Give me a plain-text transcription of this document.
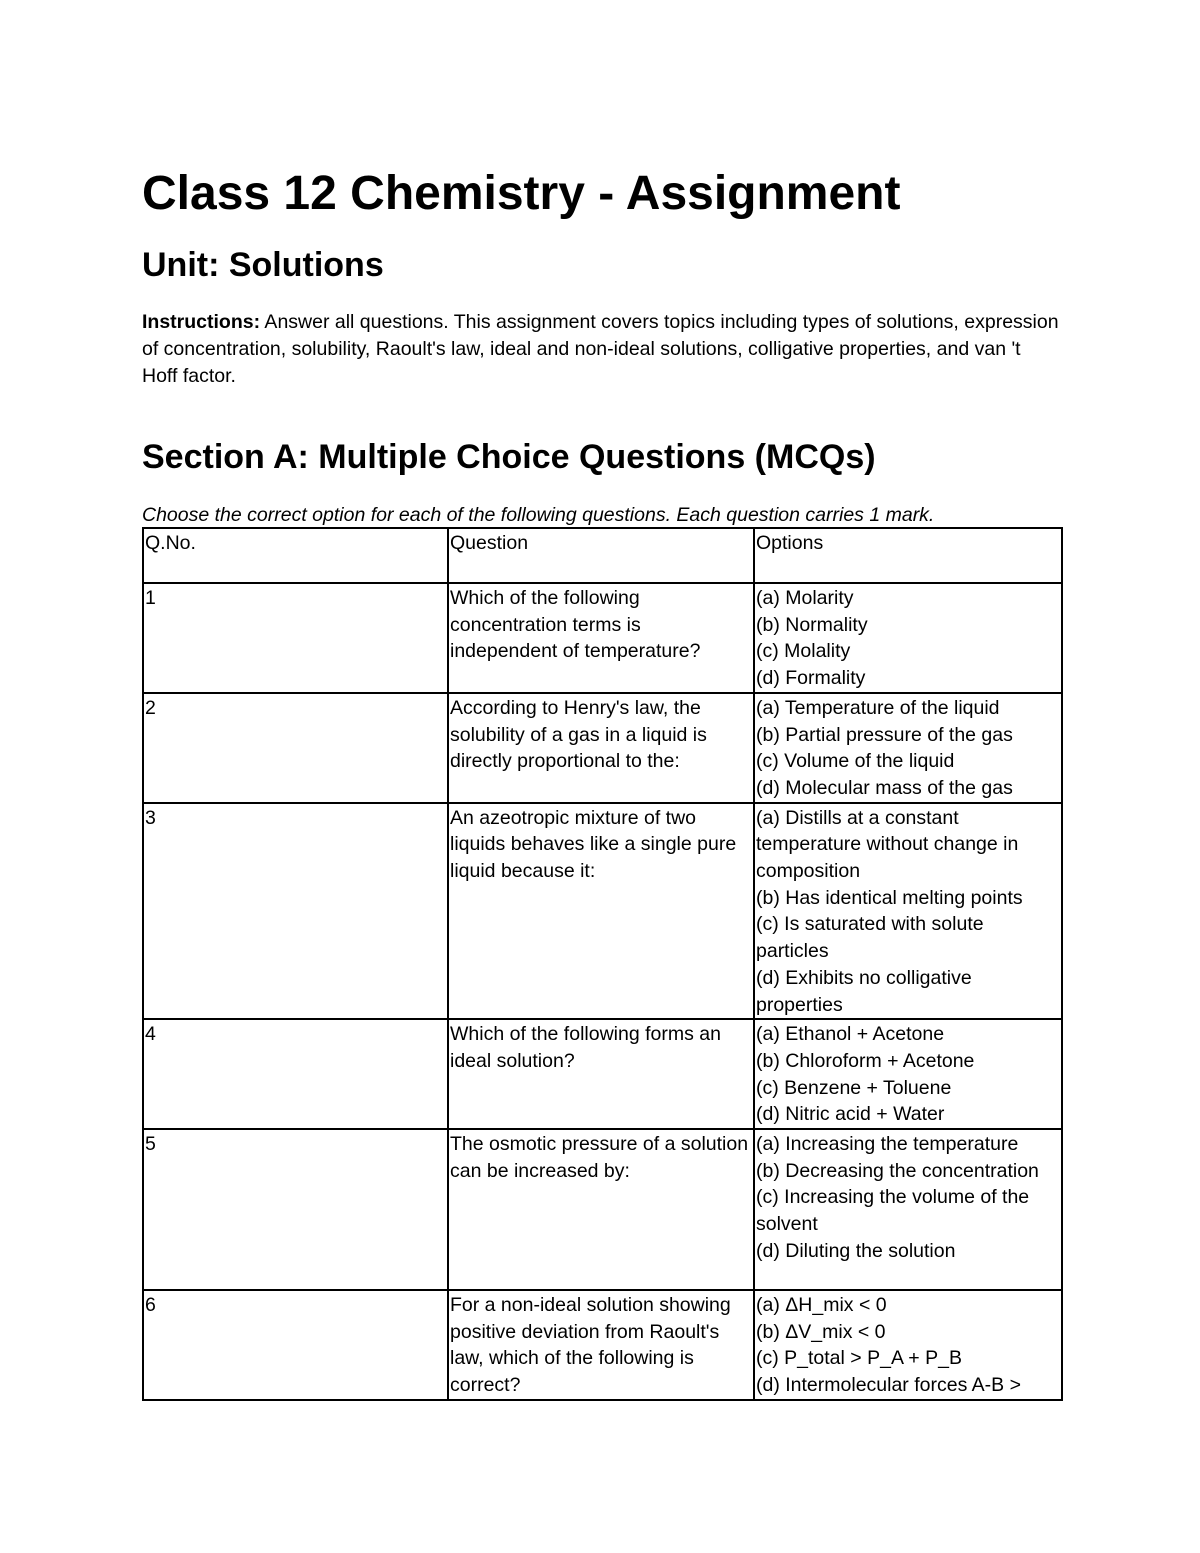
Class 12 Chemistry - Assignment
Unit: Solutions

Instructions: Answer all questions. This assignment covers topics including types of solutions, expression of concentration, solubility, Raoult's law, ideal and non-ideal solutions, colligative properties, and van 't Hoff factor.

Section A: Multiple Choice Questions (MCQs)

Choose the correct option for each of the following questions. Each question carries 1 mark.

Q.No.	Question	Options
1	Which of the following concentration terms is independent of temperature?	(a) Molarity
(b) Normality
(c) Molality
(d) Formality

2	According to Henry's law, the solubility of a gas in a liquid is directly proportional to the:	(a) Temperature of the liquid
(b) Partial pressure of the gas
(c) Volume of the liquid
(d) Molecular mass of the gas

3	An azeotropic mixture of two liquids behaves like a single pure liquid because it:	(a) Distills at a constant temperature without change in composition
(b) Has identical melting points
(c) Is saturated with solute particles
(d) Exhibits no colligative properties

4	Which of the following forms an ideal solution?	(a) Ethanol + Acetone
(b) Chloroform + Acetone
(c) Benzene + Toluene
(d) Nitric acid + Water

5	The osmotic pressure of a solution can be increased by:	(a) Increasing the temperature
(b) Decreasing the concentration
(c) Increasing the volume of the solvent
(d) Diluting the solution

6	For a non-ideal solution showing positive deviation from Raoult's law, which of the following is correct?	(a) ΔH_mix < 0
(b) ΔV_mix < 0
(c) P_total > P_A + P_B
(d) Intermolecular forces A-B >
